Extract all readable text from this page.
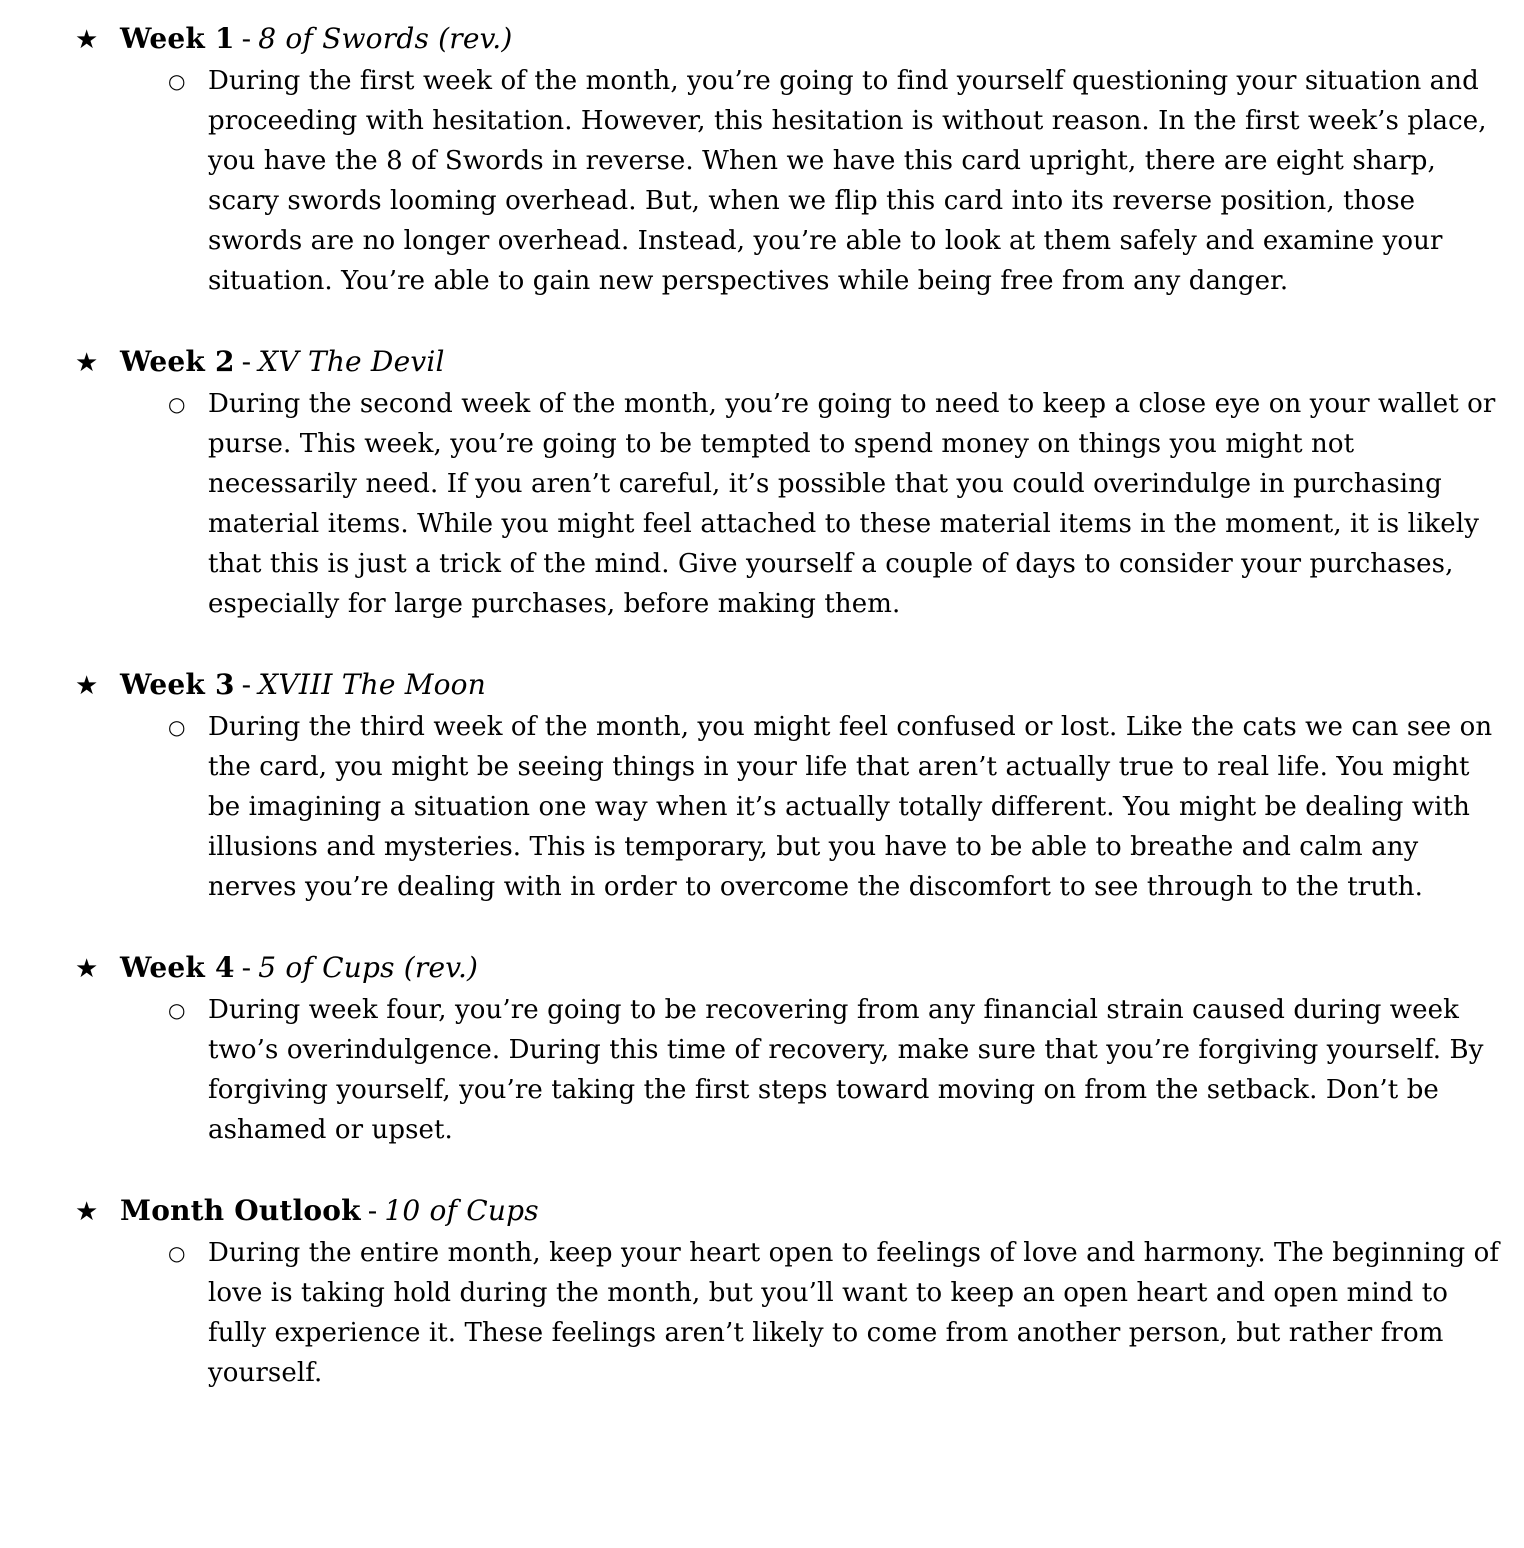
★ Week 1 - 8 of Swords (rev.)
○ During the first week of the month, you’re going to find yourself questioning your situation and proceeding with hesitation. However, this hesitation is without reason. In the first week’s place, you have the 8 of Swords in reverse. When we have this card upright, there are eight sharp, scary swords looming overhead. But, when we flip this card into its reverse position, those swords are no longer overhead. Instead, you’re able to look at them safely and examine your situation. You’re able to gain new perspectives while being free from any danger.

★ Week 2 - XV The Devil
○ During the second week of the month, you’re going to need to keep a close eye on your wallet or purse. This week, you’re going to be tempted to spend money on things you might not necessarily need. If you aren’t careful, it’s possible that you could overindulge in purchasing material items. While you might feel attached to these material items in the moment, it is likely that this is just a trick of the mind. Give yourself a couple of days to consider your purchases, especially for large purchases, before making them.

★ Week 3 - XVIII The Moon
○ During the third week of the month, you might feel confused or lost. Like the cats we can see on the card, you might be seeing things in your life that aren’t actually true to real life. You might be imagining a situation one way when it’s actually totally different. You might be dealing with illusions and mysteries. This is temporary, but you have to be able to breathe and calm any nerves you’re dealing with in order to overcome the discomfort to see through to the truth.

★ Week 4 - 5 of Cups (rev.)
○ During week four, you’re going to be recovering from any financial strain caused during week two’s overindulgence. During this time of recovery, make sure that you’re forgiving yourself. By forgiving yourself, you’re taking the first steps toward moving on from the setback. Don’t be ashamed or upset.

★ Month Outlook - 10 of Cups
○ During the entire month, keep your heart open to feelings of love and harmony. The beginning of love is taking hold during the month, but you’ll want to keep an open heart and open mind to fully experience it. These feelings aren’t likely to come from another person, but rather from yourself.
